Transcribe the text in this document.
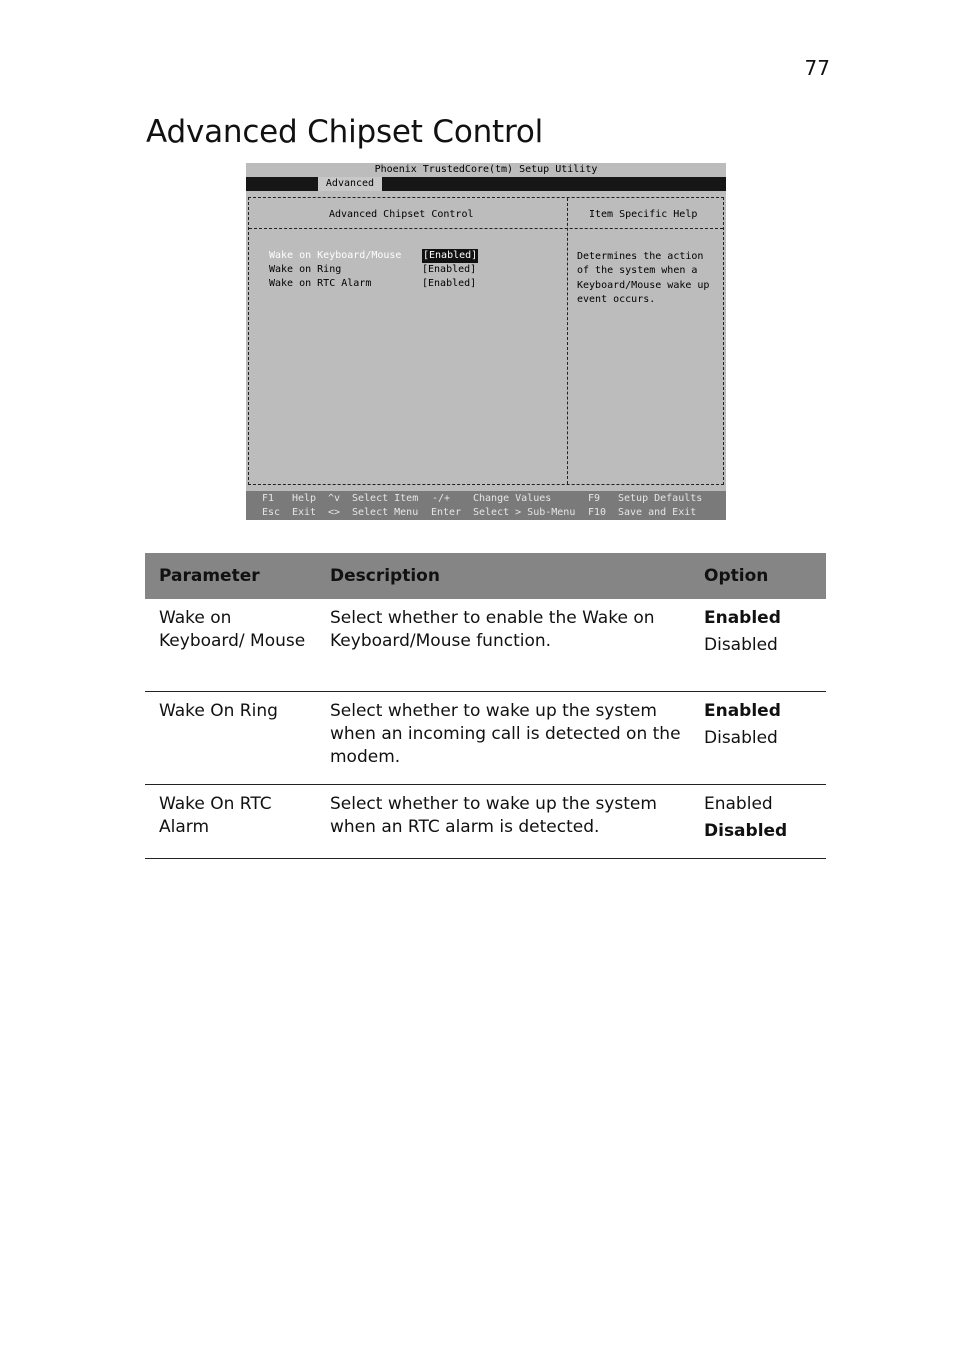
77
Advanced Chipset Control
Phoenix TrustedCore(tm) Setup Utility
Advanced
Advanced Chipset Control	Item Specific Help
Wake on Keyboard/Mouse [Enabled]
Wake on Ring	[Enabled]
Wake on RTC Alarm	[Enabled]
Determines the action
of the system when a
Keyboard/Mouse wake up
event occurs.
F1 Help ^v Select Item -/+ Change Values	F9 Setup Defaults
Esc Exit <> Select Menu Enter Select > Sub-Menu F10 Save and Exit
Parameter	Description	Option
Wake on Keyboard/ Mouse	Select whether to enable the Wake on Keyboard/Mouse function.	Enabled
Disabled

Wake On Ring	Select whether to wake up the system when an incoming call is detected on the modem.	Enabled
Disabled

Wake On RTC Alarm	Select whether to wake up the system when an RTC alarm is detected.	Enabled
Disabled
